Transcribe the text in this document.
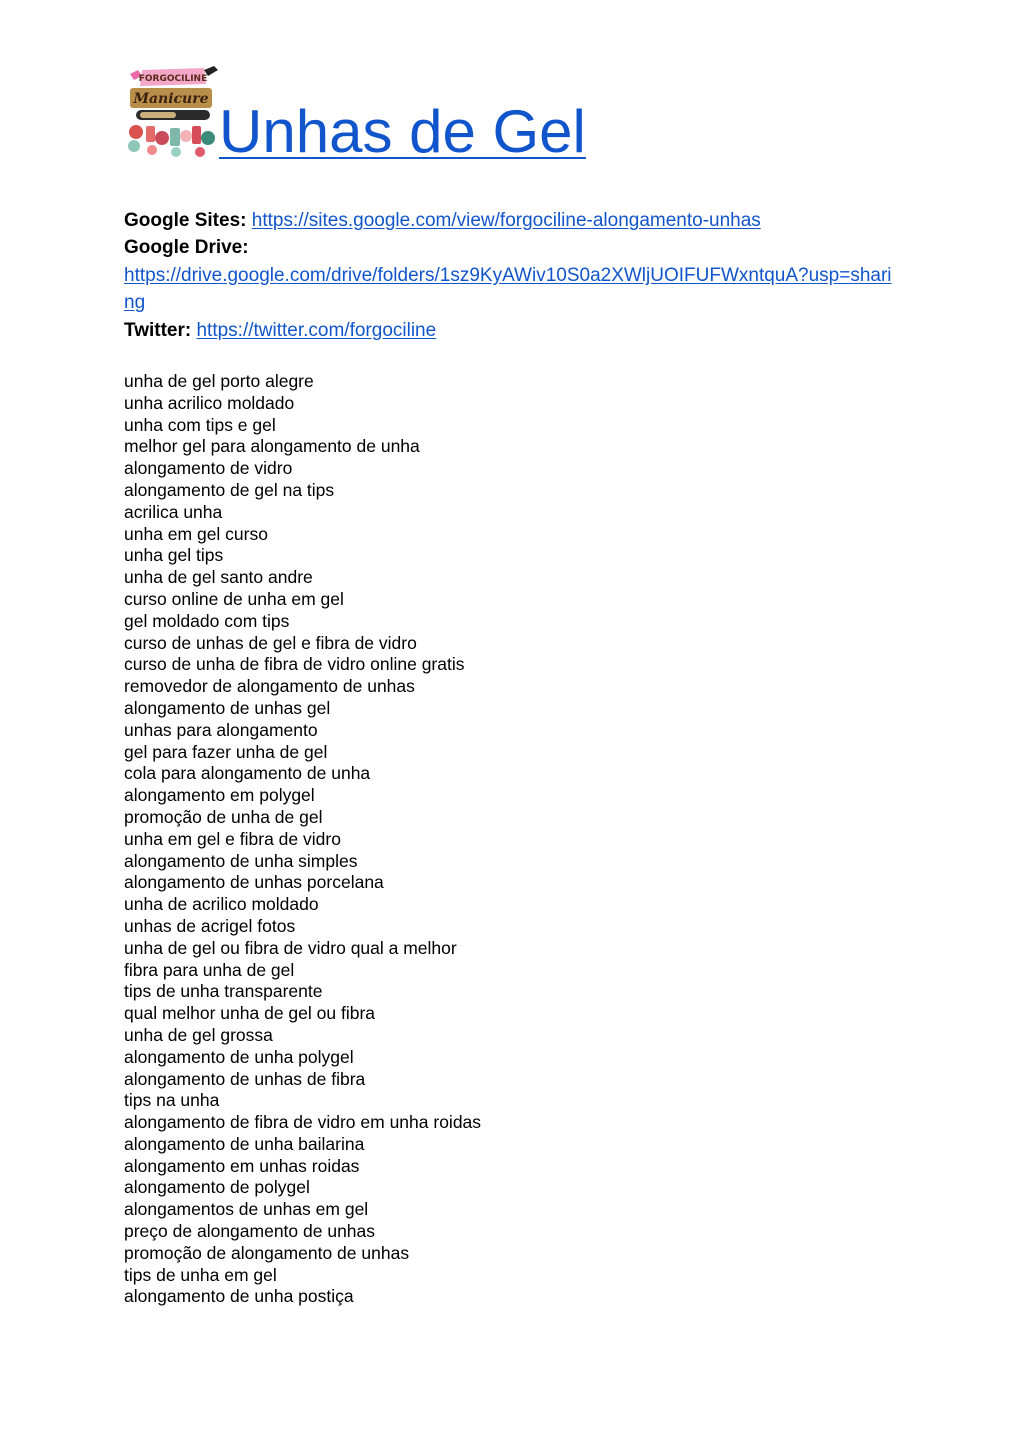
FORGOCILINE
Manicure Unhas de Gel
Google Sites: https://sites.google.com/view/forgociline-alongamento-unhas
Google Drive:
https://drive.google.com/drive/folders/1sz9KyAWiv10S0a2XWljUOIFUFWxntquA?usp=sharing
Twitter: https://twitter.com/forgociline
unha de gel porto alegre
unha acrilico moldado
unha com tips e gel
melhor gel para alongamento de unha
alongamento de vidro
alongamento de gel na tips
acrilica unha
unha em gel curso
unha gel tips
unha de gel santo andre
curso online de unha em gel
gel moldado com tips
curso de unhas de gel e fibra de vidro
curso de unha de fibra de vidro online gratis
removedor de alongamento de unhas
alongamento de unhas gel
unhas para alongamento
gel para fazer unha de gel
cola para alongamento de unha
alongamento em polygel
promoção de unha de gel
unha em gel e fibra de vidro
alongamento de unha simples
alongamento de unhas porcelana
unha de acrilico moldado
unhas de acrigel fotos
unha de gel ou fibra de vidro qual a melhor
fibra para unha de gel
tips de unha transparente
qual melhor unha de gel ou fibra
unha de gel grossa
alongamento de unha polygel
alongamento de unhas de fibra
tips na unha
alongamento de fibra de vidro em unha roidas
alongamento de unha bailarina
alongamento em unhas roidas
alongamento de polygel
alongamentos de unhas em gel
preço de alongamento de unhas
promoção de alongamento de unhas
tips de unha em gel
alongamento de unha postiça
